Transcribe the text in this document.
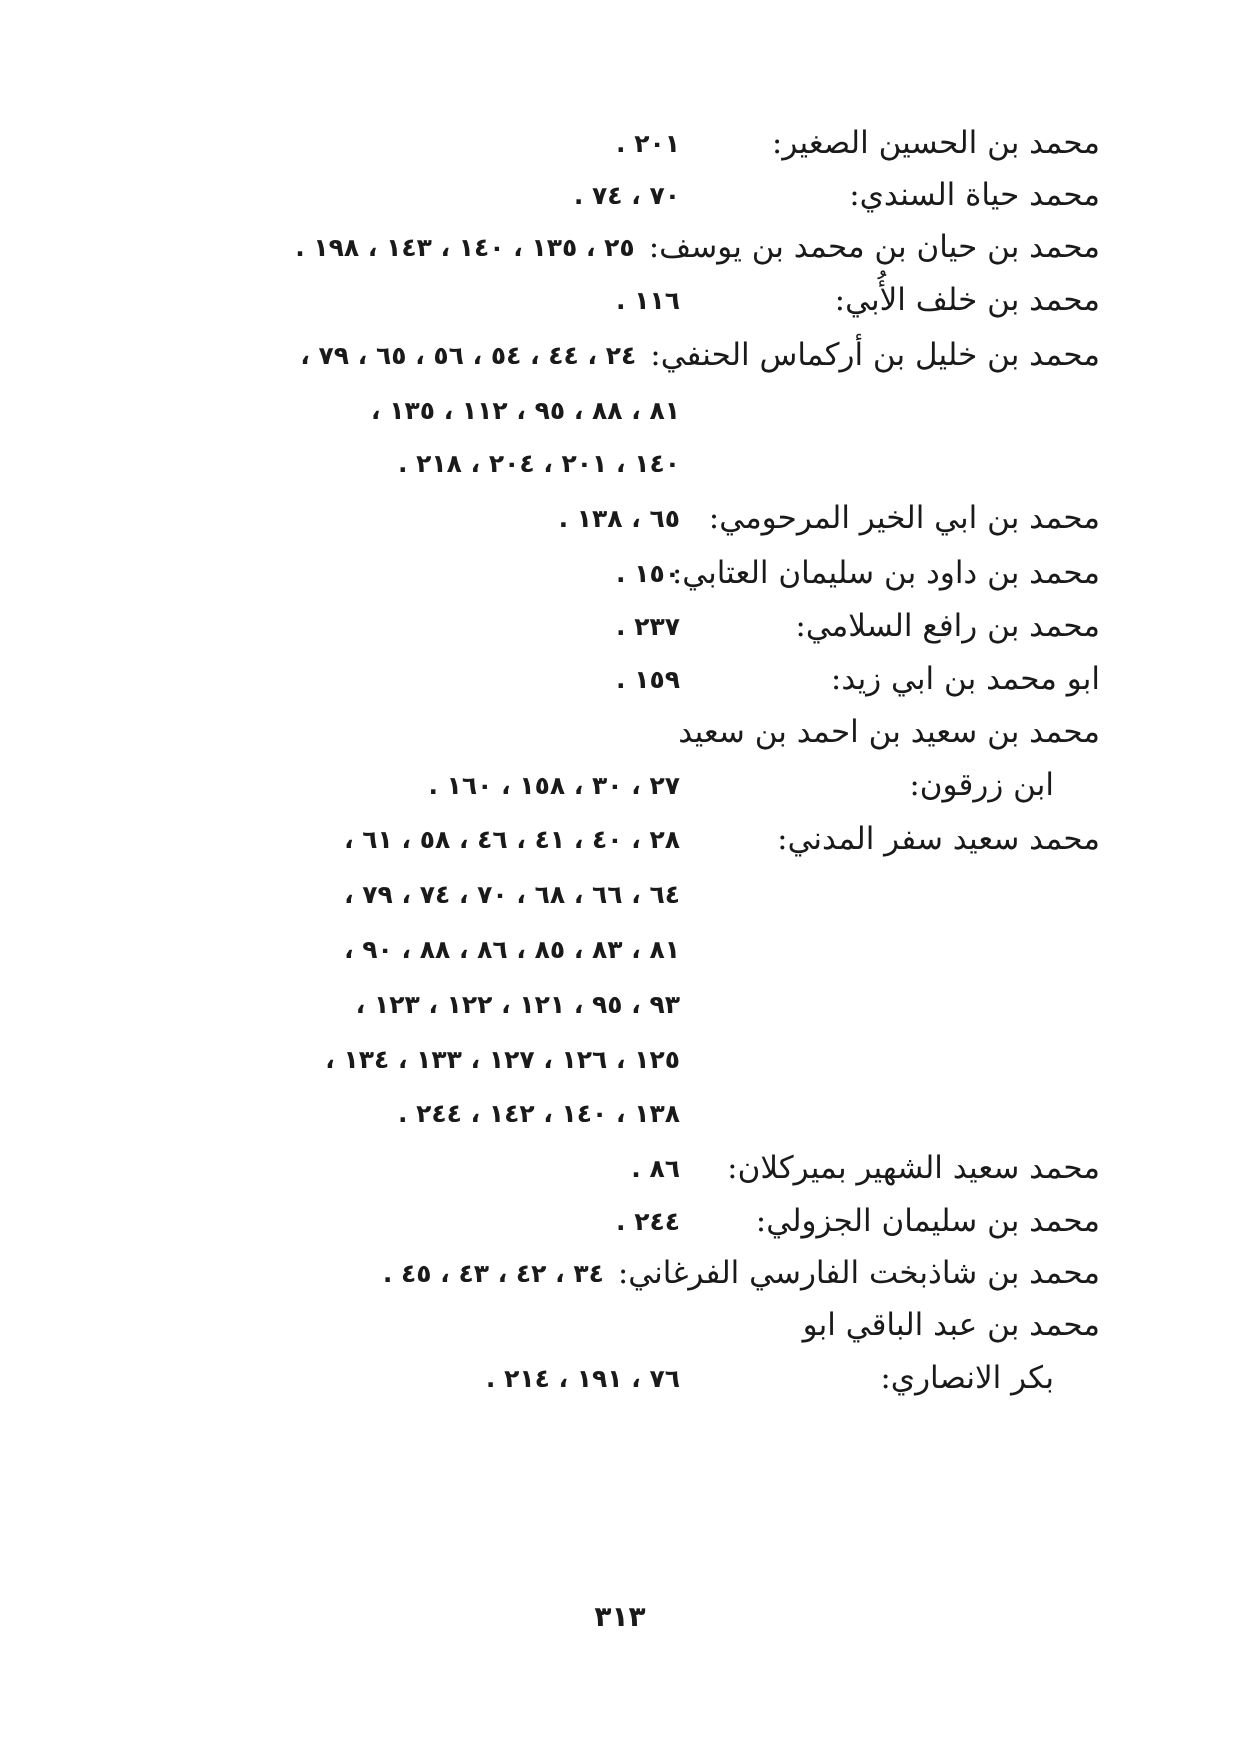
محمد بن الحسين الصغير:
٢٠١ .
محمد حياة السندي:
٧٠ ، ٧٤ .
محمد بن حيان بن محمد بن يوسف:
٢٥ ، ١٣٥ ، ١٤٠ ، ١٤٣ ، ١٩٨ .
محمد بن خلف الأُبي:
١١٦ .
محمد بن خليل بن أركماس الحنفي:
٢٤ ، ٤٤ ، ٥٤ ، ٥٦ ، ٦٥ ، ٧٩ ،
٨١ ، ٨٨ ، ٩٥ ، ١١٢ ، ١٣٥ ،
١٤٠ ، ٢٠١ ، ٢٠٤ ، ٢١٨ .
محمد بن ابي الخير المرحومي:
٦٥ ، ١٣٨ .
محمد بن داود بن سليمان العتابي:
١٥٠ .
محمد بن رافع السلامي:
٢٣٧ .
ابو محمد بن ابي زيد:
١٥٩ .
محمد بن سعيد بن احمد بن سعيد
ابن زرقون:
٢٧ ، ٣٠ ، ١٥٨ ، ١٦٠ .
محمد سعيد سفر المدني:
٢٨ ، ٤٠ ، ٤١ ، ٤٦ ، ٥٨ ، ٦١ ،
٦٤ ، ٦٦ ، ٦٨ ، ٧٠ ، ٧٤ ، ٧٩ ،
٨١ ، ٨٣ ، ٨٥ ، ٨٦ ، ٨٨ ، ٩٠ ،
٩٣ ، ٩٥ ، ١٢١ ، ١٢٢ ، ١٢٣ ،
١٢٥ ، ١٢٦ ، ١٢٧ ، ١٣٣ ، ١٣٤ ،
١٣٨ ، ١٤٠ ، ١٤٢ ، ٢٤٤ .
محمد سعيد الشهير بميركلان:
٨٦ .
محمد بن سليمان الجزولي:
٢٤٤ .
محمد بن شاذبخت الفارسي الفرغاني:
٣٤ ، ٤٢ ، ٤٣ ، ٤٥ .
محمد بن عبد الباقي ابو
بكر الانصاري:
٧٦ ، ١٩١ ، ٢١٤ .
٣١٣
